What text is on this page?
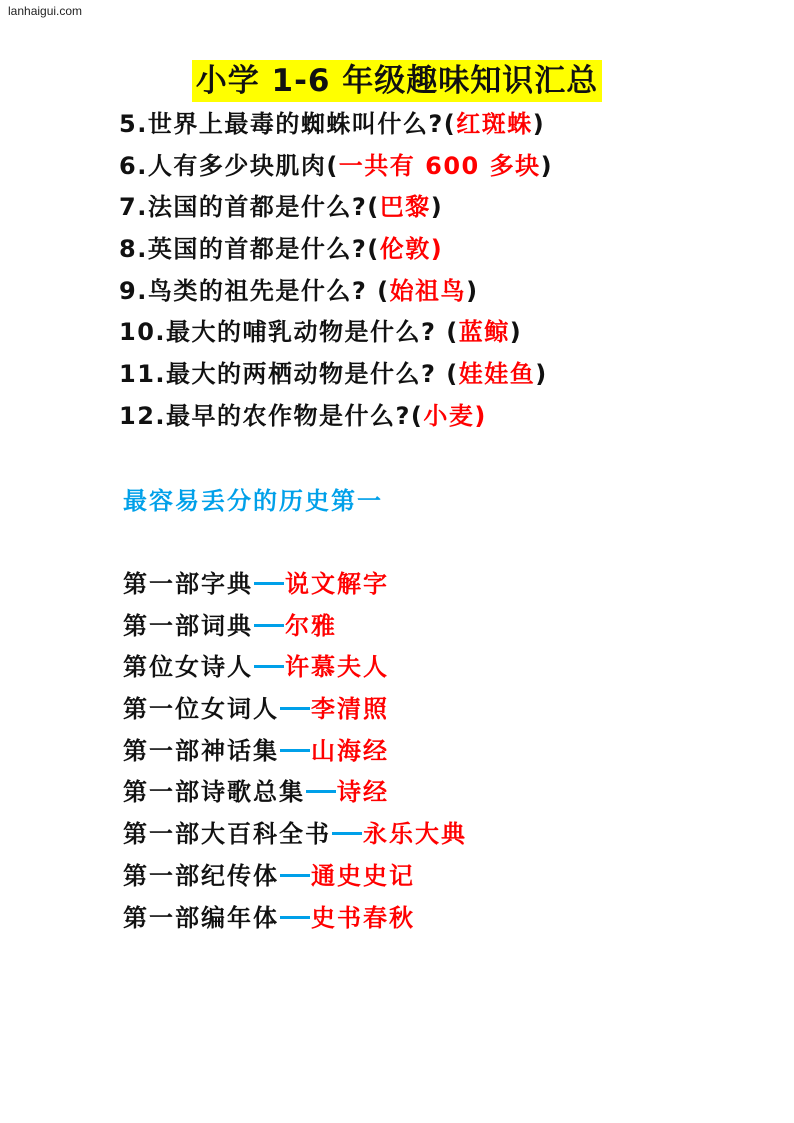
lanhaigui.com
小学 1-6 年级趣味知识汇总
5.世界上最毒的蜘蛛叫什么?(红斑蛛)
6.人有多少块肌肉(一共有 600 多块)
7.法国的首都是什么?(巴黎)
8.英国的首都是什么?(伦敦)
9.鸟类的祖先是什么? (始祖鸟)
10.最大的哺乳动物是什么? (蓝鲸)
11.最大的两栖动物是什么? (娃娃鱼)
12.最早的农作物是什么?(小麦)
最容易丢分的历史第一
第一部字典 说文解字
第一部词典 尔雅
第位女诗人 许慕夫人
第一位女词人 李清照
第一部神话集 山海经
第一部诗歌总集 诗经
第一部大百科全书 永乐大典
第一部纪传体 通史史记
第一部编年体 史书春秋
